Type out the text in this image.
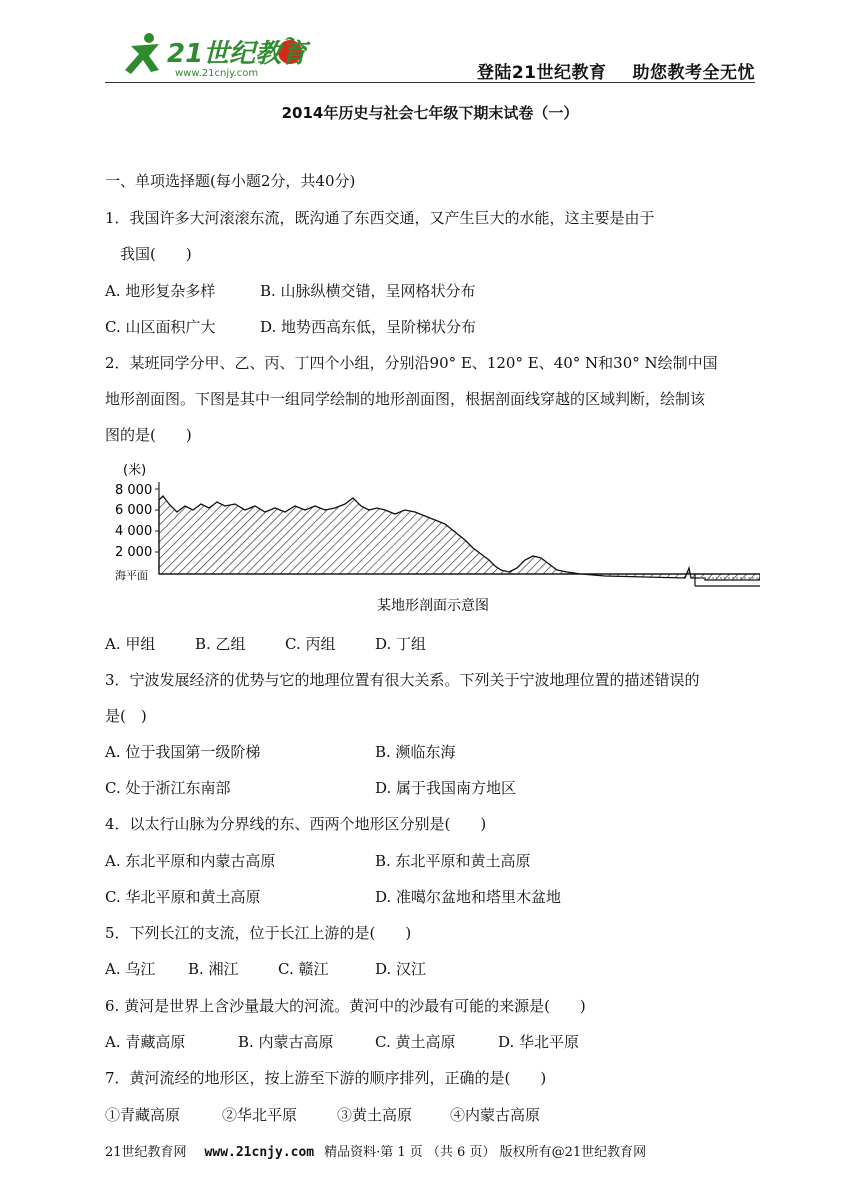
21世纪教育
www.21cnjy.com	登陆21世纪教育 助您教考全无忧
2014年历史与社会七年级下期末试卷（一）
一、单项选择题(每小题2分，共40分)
1．我国许多大河滚滚东流，既沟通了东西交通，又产生巨大的水能，这主要是由于
我国(　　)
A. 地形复杂多样	B. 山脉纵横交错，呈网格状分布
C. 山区面积广大	D. 地势西高东低，呈阶梯状分布
2．某班同学分甲、乙、丙、丁四个小组，分别沿90° E、120° E、40° N和30° N绘制中国
地形剖面图。下图是其中一组同学绘制的地形剖面图，根据剖面线穿越的区域判断，绘制该
图的是(　　)
(米)
8 000
6 000
4 000
2 000
海平面
某地形剖面示意图
A. 甲组	B. 乙组	C. 丙组	D. 丁组
3．宁波发展经济的优势与它的地理位置有很大关系。下列关于宁波地理位置的描述错误的
是(　)
A. 位于我国第一级阶梯	B. 濒临东海
C. 处于浙江东南部	D. 属于我国南方地区
4．以太行山脉为分界线的东、西两个地形区分别是(　　)
A. 东北平原和内蒙古高原	B. 东北平原和黄土高原
C. 华北平原和黄土高原	D. 准噶尔盆地和塔里木盆地
5．下列长江的支流，位于长江上游的是(　　)
A. 乌江 B. 湘江	C. 赣江	D. 汉江
6. 黄河是世界上含沙量最大的河流。黄河中的沙最有可能的来源是(　　)
A. 青藏高原	B. 内蒙古高原	C. 黄土高原	D. 华北平原
7．黄河流经的地形区，按上游至下游的顺序排列，正确的是(　　)
①青藏高原	②华北平原	③黄土高原	④内蒙古高原
21世纪教育网 www.21cnjy.com 精品资料·第 1 页 （共 6 页） 版权所有@21世纪教育网
